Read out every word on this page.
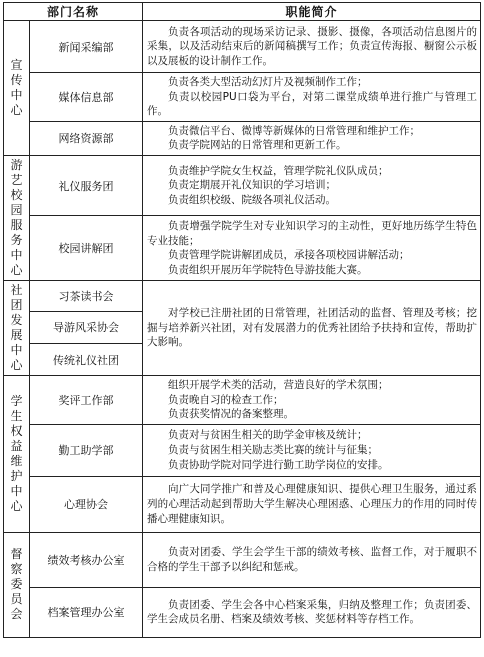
部门名称		职能简介

宣传中心	新闻采编部	负责各项活动的现场采访记录、摄影、摄像，各项活动信息图片的采集，以及活动结束后的新闻稿撰写工作；负责宣传海报、橱窗公示板以及展板的设计制作工作。

	媒体信息部	负责各类大型活动幻灯片及视频制作工作；

负责以校园PU口袋为平台，对第二课堂成绩单进行推广与管理工作。

	网络资源部	负责微信平台、微博等新媒体的日常管理和维护工作；

负责学院网站的日常管理和更新工作。

游艺校园服务中心	礼仪服务团	负责维护学院女生权益，管理学院礼仪队成员；

负责定期展开礼仪知识的学习培训；

负责组织校级、院级各项礼仪活动。

	校园讲解团	负责增强学院学生对专业知识学习的主动性，更好地历练学生特色专业技能；

负责管理学院讲解团成员，承接各项校园讲解活动；

负责组织开展历年学院特色导游技能大赛。

社团发展中心	习茶读书会	对学校已注册社团的日常管理，社团活动的监督、管理及考核；挖掘与培养新兴社团，对有发展潜力的优秀社团给予扶持和宣传，帮助扩大影响。

	导游风采协会	
	传统礼仪社团	

学生权益维护中心	奖评工作部	组织开展学术类的活动，营造良好的学术氛围；

负责晚自习的检查工作；

负责获奖情况的备案整理。

	勤工助学部	负责对与贫困生相关的助学金审核及统计；

负责与贫困生相关励志类比赛的统计与征集；

负责协助学院对同学进行勤工助学岗位的安排。

	心理协会	向广大同学推广和普及心理健康知识、提供心理卫生服务，通过系列的心理活动起到帮助大学生解决心理困惑、心理压力的作用的同时传播心理健康知识。

督察委员会	绩效考核办公室	负责对团委、学生会学生干部的绩效考核、监督工作，对于履职不合格的学生干部予以纠纪和惩戒。

	档案管理办公室	负责团委、学生会各中心档案采集，归纳及整理工作；负责团委、学生会成员名册、档案及绩效考核、奖惩材料等存档工作。
